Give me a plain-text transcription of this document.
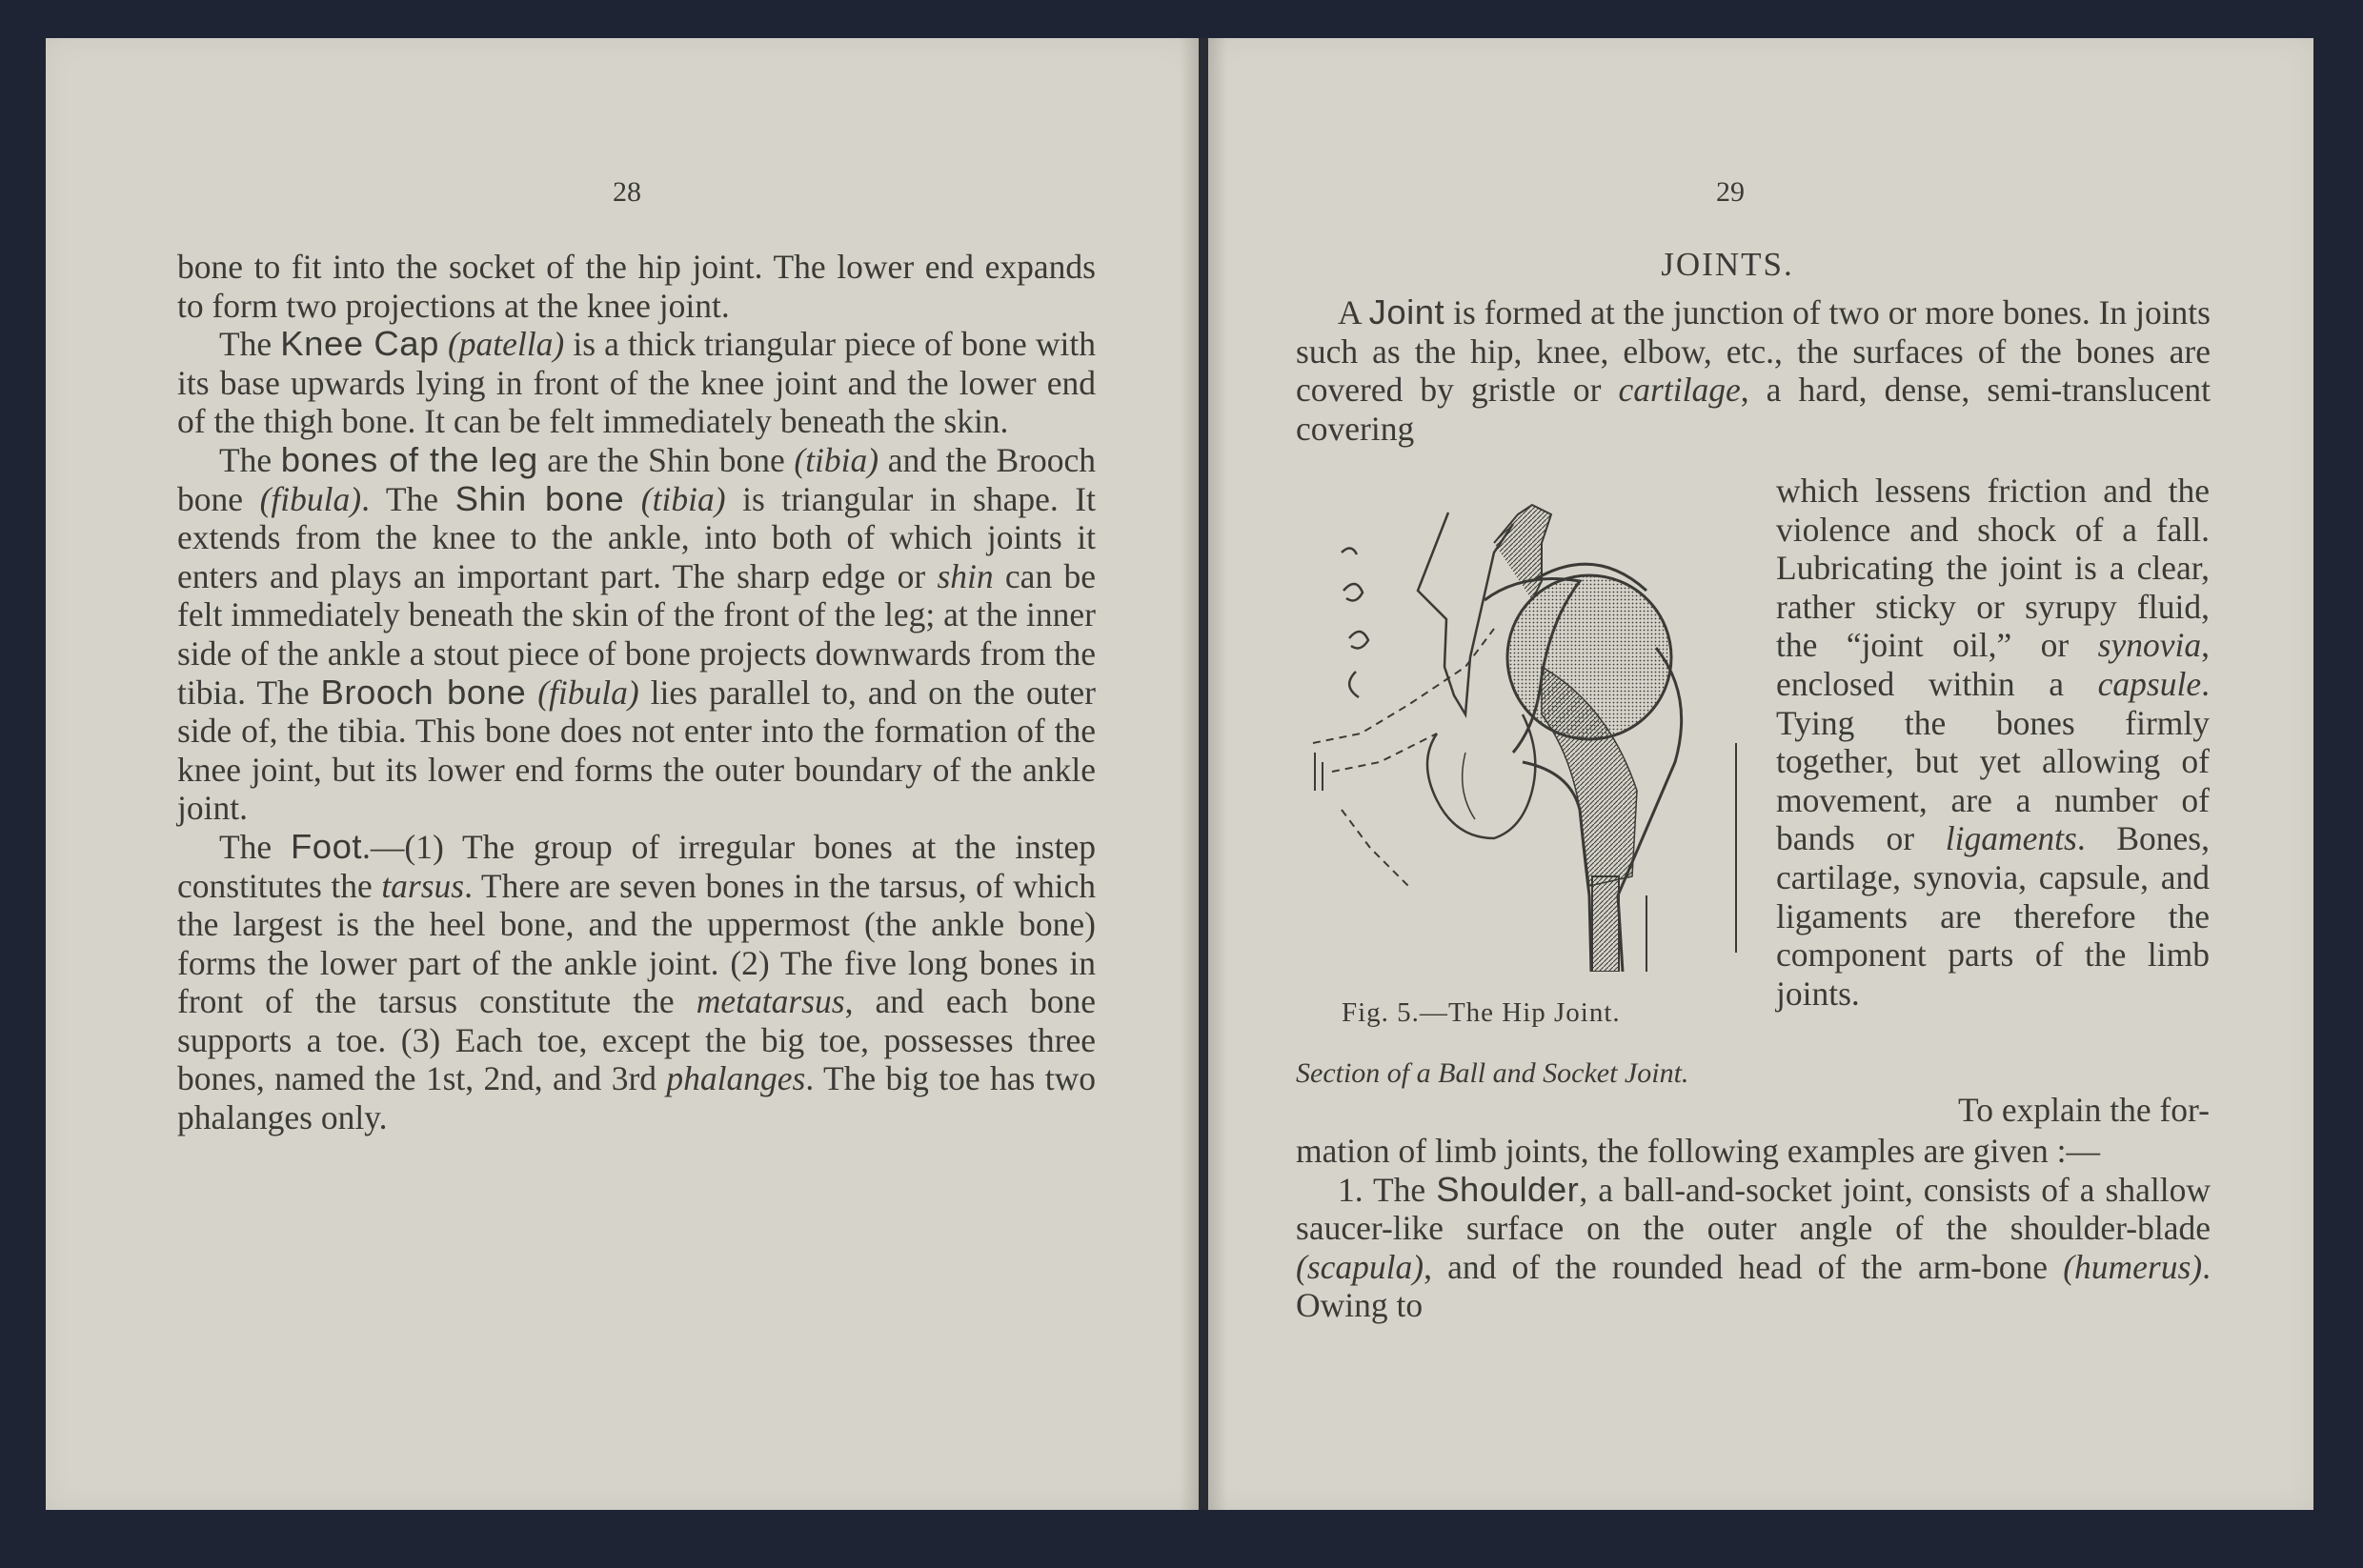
28

bone to fit into the socket of the hip joint. The lower end expands to form two projections at the knee joint.

The Knee Cap (patella) is a thick triangular piece of bone with its base upwards lying in front of the knee joint and the lower end of the thigh bone. It can be felt immediately beneath the skin.

The bones of the leg are the Shin bone (tibia) and the Brooch bone (fibula). The Shin bone (tibia) is triangular in shape. It extends from the knee to the ankle, into both of which joints it enters and plays an important part. The sharp edge or shin can be felt immediately beneath the skin of the front of the leg; at the inner side of the ankle a stout piece of bone projects downwards from the tibia. The Brooch bone (fibula) lies parallel to, and on the outer side of, the tibia. This bone does not enter into the formation of the knee joint, but its lower end forms the outer boundary of the ankle joint.

The Foot.—(1) The group of irregular bones at the instep constitutes the tarsus. There are seven bones in the tarsus, of which the largest is the heel bone, and the uppermost (the ankle bone) forms the lower part of the ankle joint. (2) The five long bones in front of the tarsus constitute the metatarsus, and each bone supports a toe. (3) Each toe, except the big toe, possesses three bones, named the 1st, 2nd, and 3rd phalanges. The big toe has two phalanges only.

29
JOINTS.

A Joint is formed at the junction of two or more bones. In joints such as the hip, knee, elbow, etc., the surfaces of the bones are covered by gristle or cartilage, a hard, dense, semi-translucent covering

Fig. 5.—The Hip Joint.
Section of a Ball and Socket Joint.
which lessens friction and the violence and shock of a fall. Lubricating the joint is a clear, rather sticky or syrupy fluid, the “joint oil,” or synovia, enclosed within a capsule. Tying the bones firmly together, but yet allowing of movement, are a number of bands or ligaments. Bones, cartilage, synovia, capsule, and ligaments are therefore the component parts of the limb joints.
To explain the for-

mation of limb joints, the following examples are given :—

1. The Shoulder, a ball-and-socket joint, consists of a shallow saucer-like surface on the outer angle of the shoulder-blade (scapula), and of the rounded head of the arm-bone (humerus). Owing to
